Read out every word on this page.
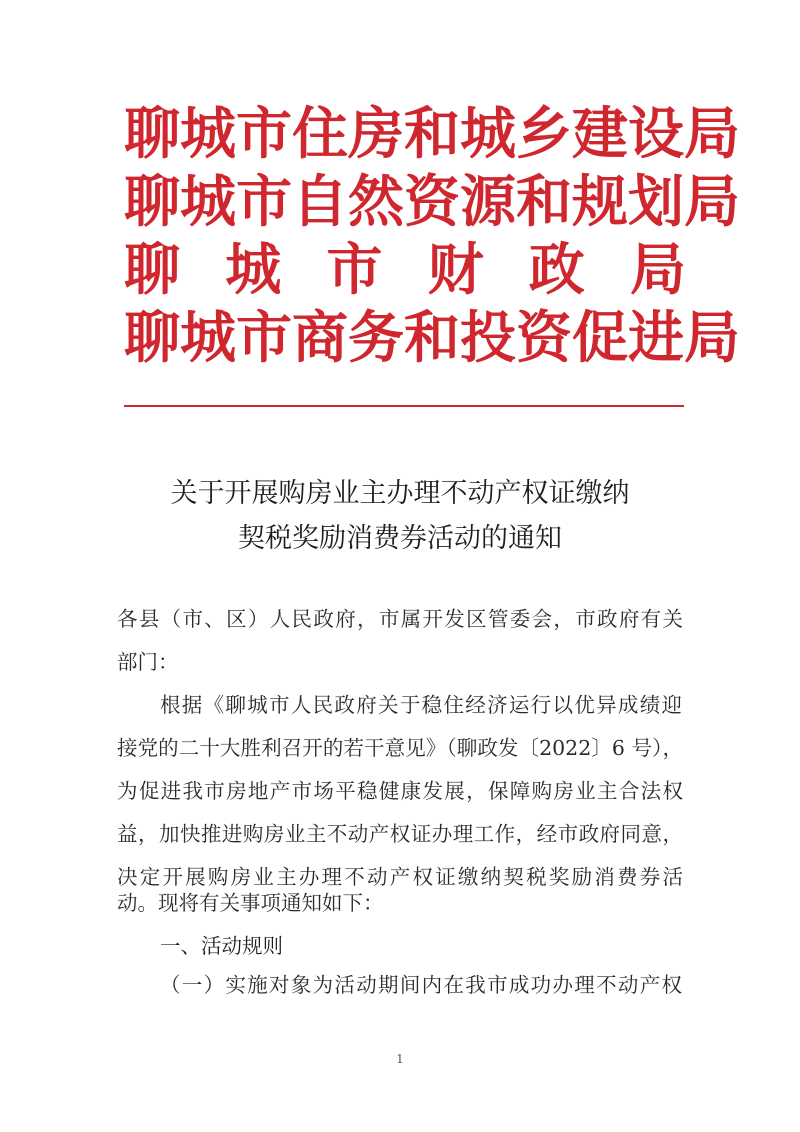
聊城市住房和城乡建设局
聊城市自然资源和规划局
聊 城 市 财 政 局
聊城市商务和投资促进局
关于开展购房业主办理不动产权证缴纳
契税奖励消费券活动的通知
各县（市、区）人民政府，市属开发区管委会，市政府有关
部门：
根据《聊城市人民政府关于稳住经济运行以优异成绩迎
接党的二十大胜利召开的若干意见》（聊政发〔2022〕6 号），
为促进我市房地产市场平稳健康发展，保障购房业主合法权
益，加快推进购房业主不动产权证办理工作，经市政府同意，
决定开展购房业主办理不动产权证缴纳契税奖励消费券活
动。现将有关事项通知如下：
一、活动规则
（一）实施对象为活动期间内在我市成功办理不动产权
1
